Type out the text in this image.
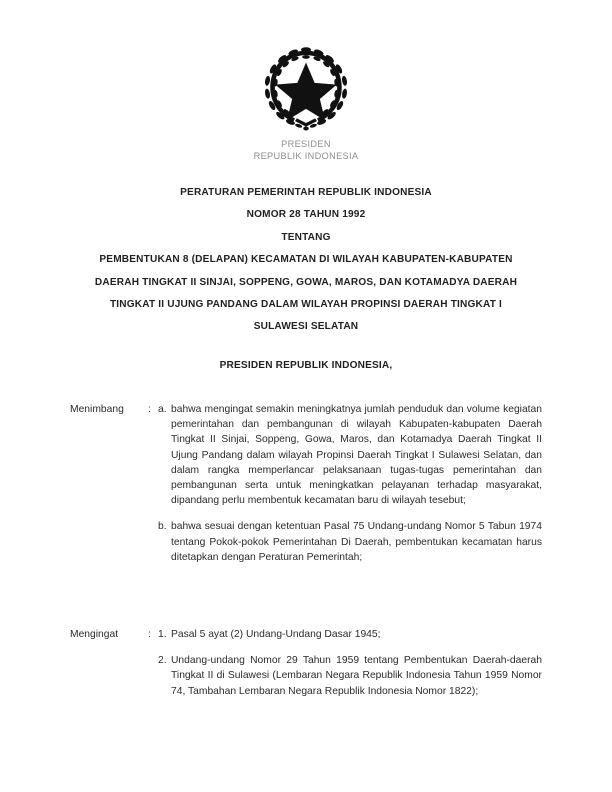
PRESIDEN
REPUBLIK INDONESIA
PERATURAN PEMERINTAH REPUBLIK INDONESIA
NOMOR 28 TAHUN 1992
TENTANG
PEMBENTUKAN 8 (DELAPAN) KECAMATAN DI WILAYAH KABUPATEN-KABUPATEN
DAERAH TINGKAT II SINJAI, SOPPENG, GOWA, MAROS, DAN KOTAMADYA DAERAH
TINGKAT II UJUNG PANDANG DALAM WILAYAH PROPINSI DAERAH TINGKAT I
SULAWESI SELATAN
PRESIDEN REPUBLIK INDONESIA,
Menimbang	: a. bahwa mengingat semakin meningkatnya jumlah penduduk dan volume kegiatan pemerintahan dan pembangunan di wilayah Kabupaten-kabupaten Daerah Tingkat II Sinjai, Soppeng, Gowa, Maros, dan Kotamadya Daerah Tingkat II Ujung Pandang dalam wilayah Propinsi Daerah Tingkat I Sulawesi Selatan, dan dalam rangka memperlancar pelaksanaan tugas-tugas pemerintahan dan pembangunan serta untuk meningkatkan pelayanan terhadap masyarakat, dipandang perlu membentuk kecamatan baru di wilayah tesebut;
b. bahwa sesuai dengan ketentuan Pasal 75 Undang-undang Nomor 5 Tabun 1974 tentang Pokok-pokok Pemerintahan Di Daerah, pembentukan kecamatan harus ditetapkan dengan Peraturan Pemerintah;
Mengingat	: 1. Pasal 5 ayat (2) Undang-Undang Dasar 1945;
2. Undang-undang Nomor 29 Tahun 1959 tentang Pembentukan Daerah-daerah Tingkat II di Sulawesi (Lembaran Negara Republik Indonesia Tahun 1959 Nomor 74, Tambahan Lembaran Negara Republik Indonesia Nomor 1822);
